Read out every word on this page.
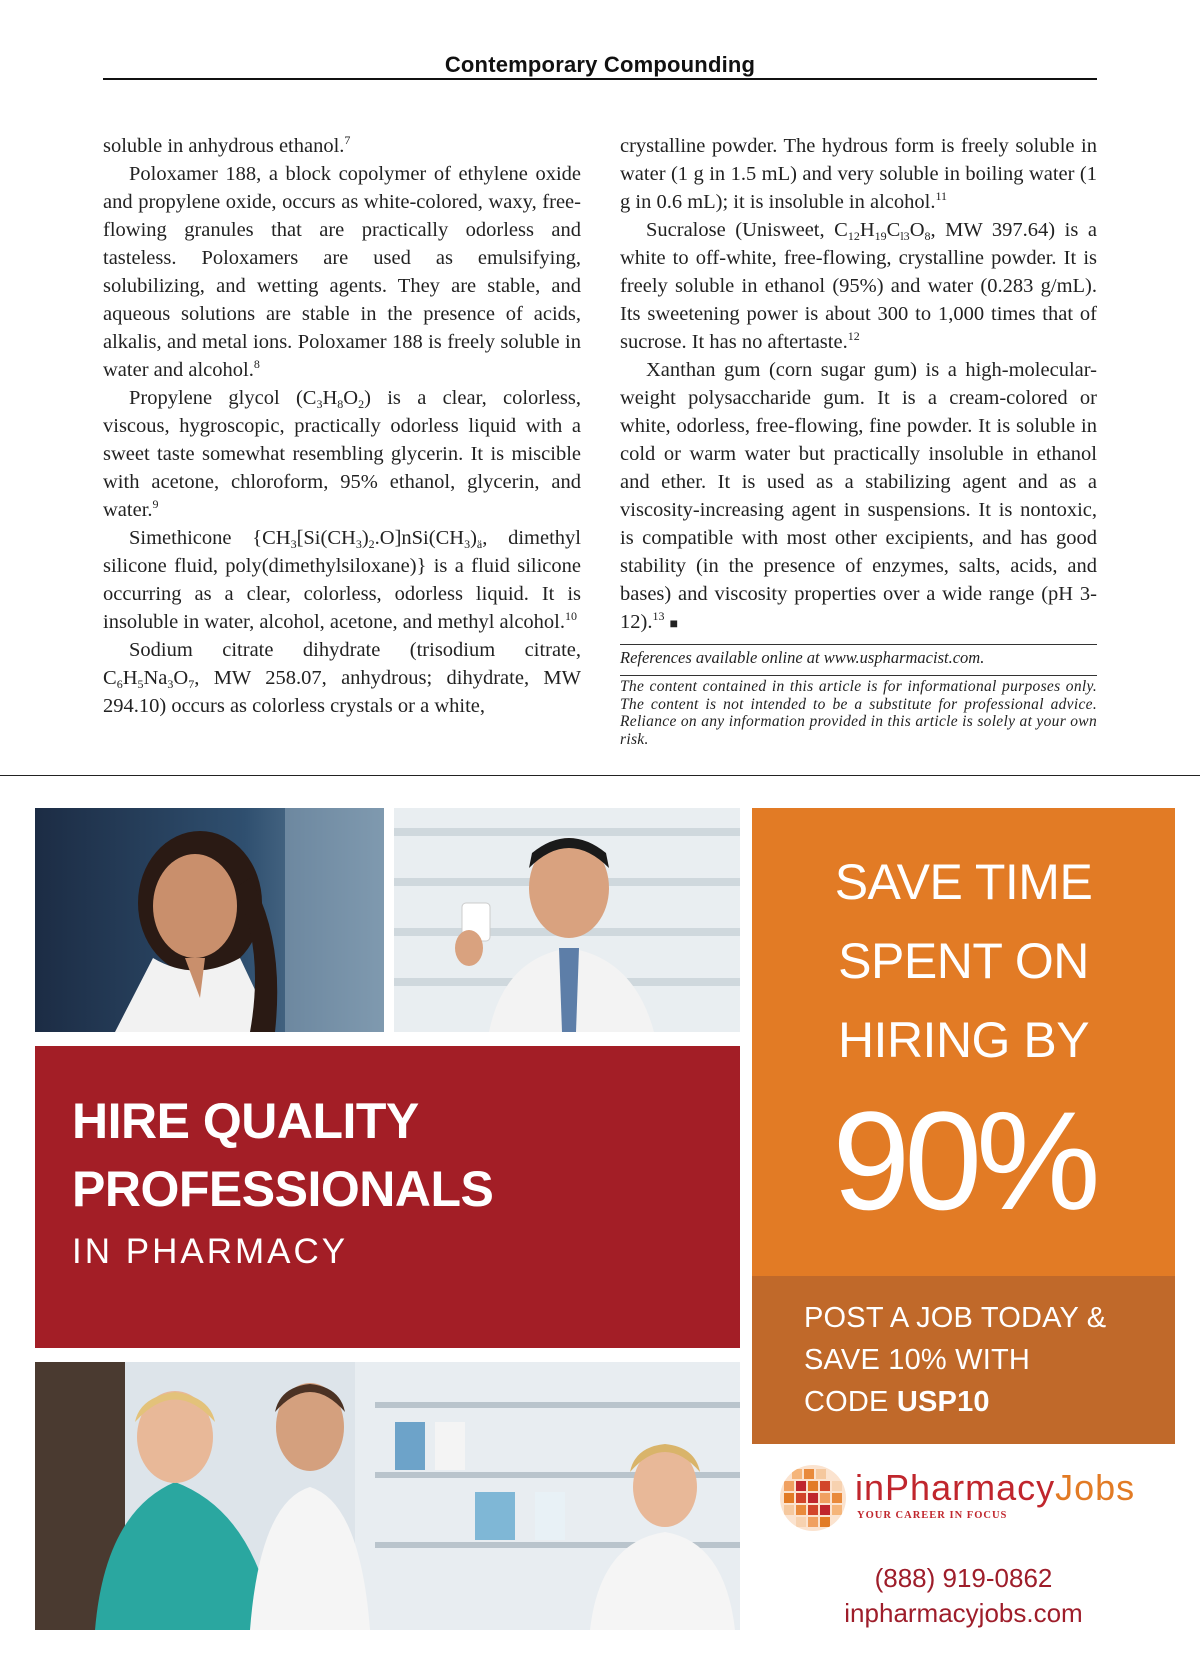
Contemporary Compounding

soluble in anhydrous ethanol.$^7$

Poloxamer 188, a block copolymer of ethylene oxide and propylene oxide, occurs as white-colored, waxy, free-flowing granules that are practically odorless and tasteless. Poloxamers are used as emulsifying, solubilizing, and wetting agents. They are stable, and aqueous solutions are stable in the presence of acids, alkalis, and metal ions. Poloxamer 188 is freely soluble in water and alcohol.$^8$

Propylene glycol $(C_3H_8O_2)$ is a clear, colorless, viscous, hygroscopic, practically odorless liquid with a sweet taste somewhat resembling glycerin. It is miscible with acetone, chloroform, 95% ethanol, glycerin, and water.$^9$

Simethicone {$CH_3[Si(CH_3)_2.O]nSi(CH_3)_ä$, dimethyl silicone fluid, poly(dimethylsiloxane)} is a fluid silicone occurring as a clear, colorless, odorless liquid. It is insoluble in water, alcohol, acetone, and methyl alcohol.$^{10}$

Sodium citrate dihydrate (trisodium citrate, $C_6H_5Na_3O_7$, MW 258.07, anhydrous; dihydrate, MW 294.10) occurs as colorless crystals or a white,

crystalline powder. The hydrous form is freely soluble in water (1 g in 1.5 mL) and very soluble in boiling water (1 g in 0.6 mL); it is insoluble in alcohol.$^{11}$

Sucralose (Unisweet, $C_{12}H_{19}C_{l3}O_8$, MW 397.64) is a white to off-white, free-flowing, crystalline powder. It is freely soluble in ethanol (95%) and water (0.283 g/mL). Its sweetening power is about 300 to 1,000 times that of sucrose. It has no aftertaste.$^{12}$

Xanthan gum (corn sugar gum) is a high-molecular-weight polysaccharide gum. It is a cream-colored or white, odorless, free-flowing, fine powder. It is soluble in cold or warm water but practically insoluble in ethanol and ether. It is used as a stabilizing agent and as a viscosity-increasing agent in suspensions. It is nontoxic, is compatible with most other excipients, and has good stability (in the presence of enzymes, salts, acids, and bases) and viscosity properties over a wide range (pH 3-12).$^{13}$ ■

References available online at www.uspharmacist.com.
The content contained in this article is for informational purposes only. The content is not intended to be a substitute for professional advice. Reliance on any information provided in this article is solely at your own risk.
HIRE QUALITY
PROFESSIONALS
IN PHARMACY
SAVE TIME
SPENT ON
HIRING BY
90%
POST A JOB TODAY &
SAVE 10% WITH
CODE USP10
inPharmacyJobs
YOUR CAREER IN FOCUS
(888) 919-0862
inpharmacyjobs.com
